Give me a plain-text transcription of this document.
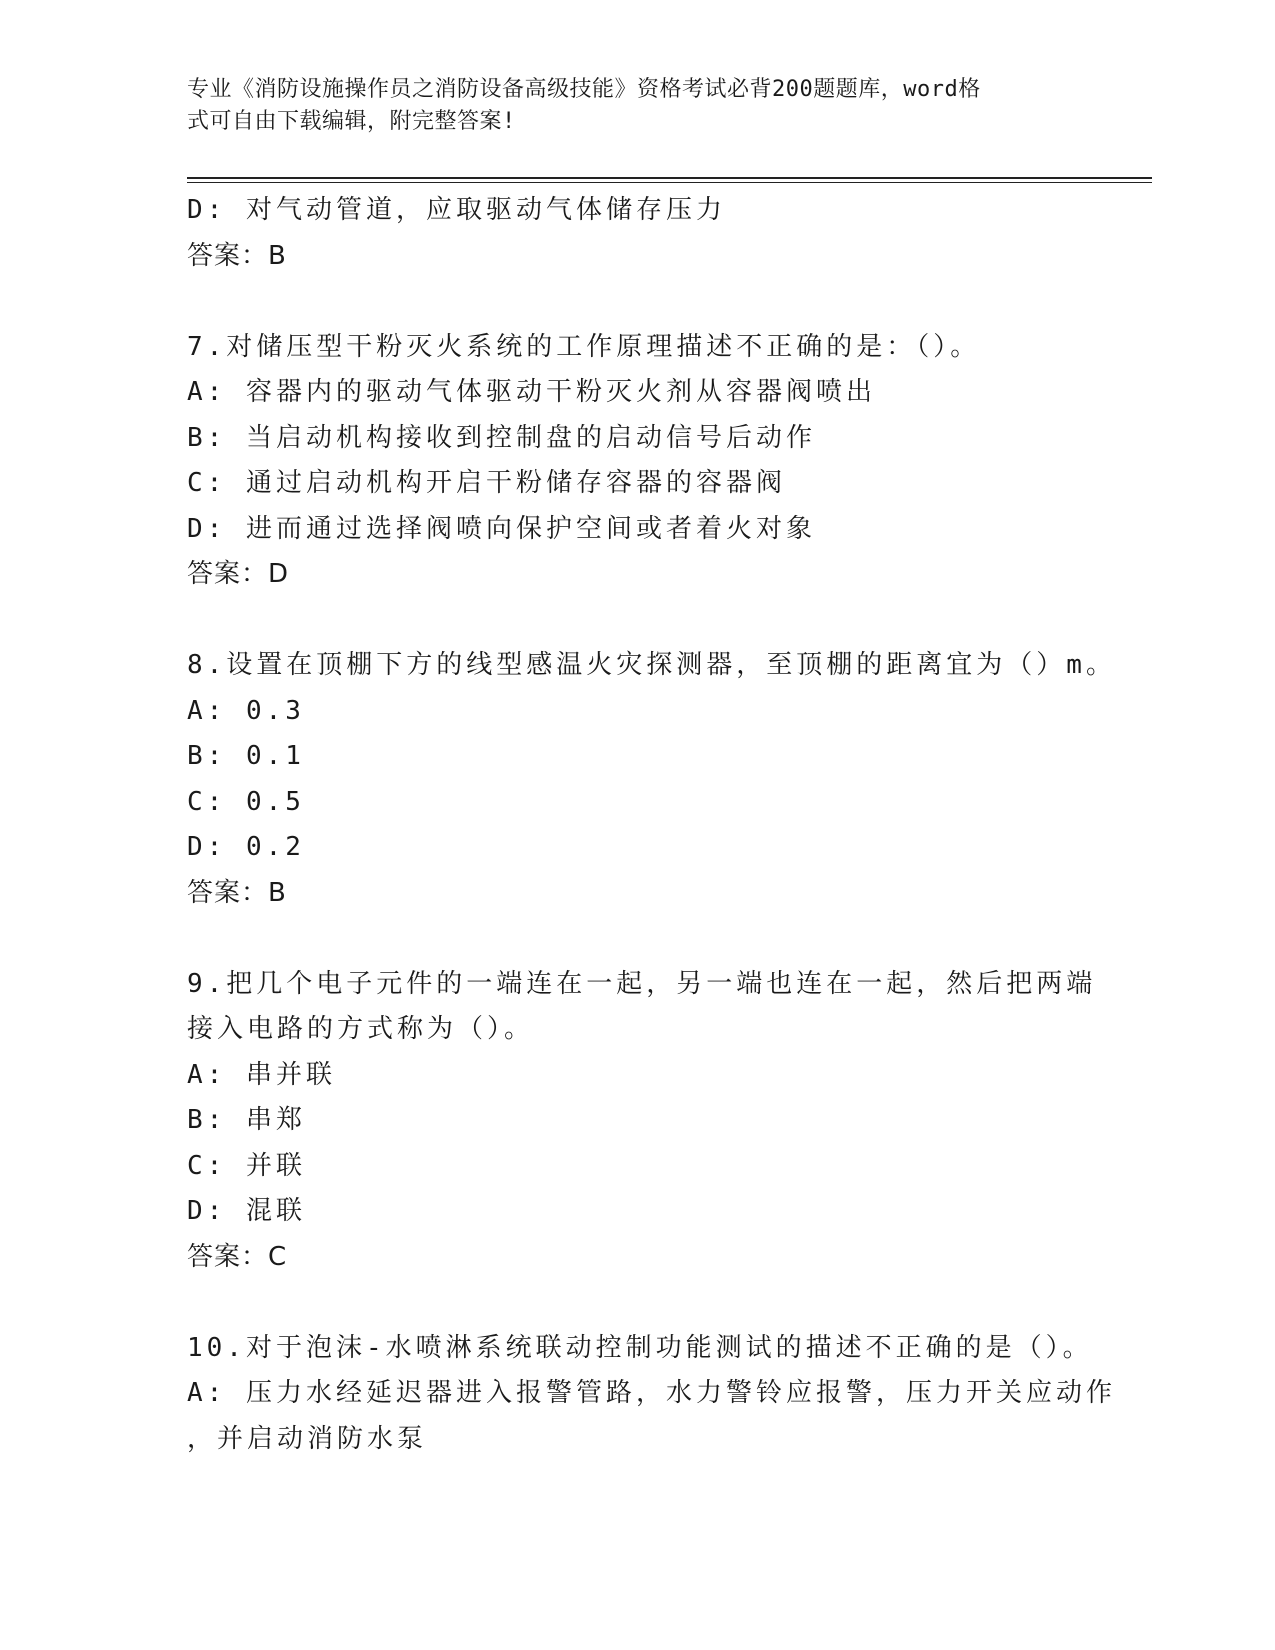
专业《消防设施操作员之消防设备高级技能》资格考试必背200题题库，word格
式可自由下载编辑，附完整答案!
D: 对气动管道，应取驱动气体储存压力
答案：B
7.对储压型干粉灭火系统的工作原理描述不正确的是：（）。
A: 容器内的驱动气体驱动干粉灭火剂从容器阀喷出
B: 当启动机构接收到控制盘的启动信号后动作
C: 通过启动机构开启干粉储存容器的容器阀
D: 进而通过选择阀喷向保护空间或者着火对象
答案：D
8.设置在顶棚下方的线型感温火灾探测器，至顶棚的距离宜为（）m。
A: 0.3
B: 0.1
C: 0.5
D: 0.2
答案：B
9.把几个电子元件的一端连在一起，另一端也连在一起，然后把两端
接入电路的方式称为（）。
A: 串并联
B: 串郑
C: 并联
D: 混联
答案：C
10.对于泡沫-水喷淋系统联动控制功能测试的描述不正确的是（）。
A: 压力水经延迟器进入报警管路，水力警铃应报警，压力开关应动作
，并启动消防水泵
